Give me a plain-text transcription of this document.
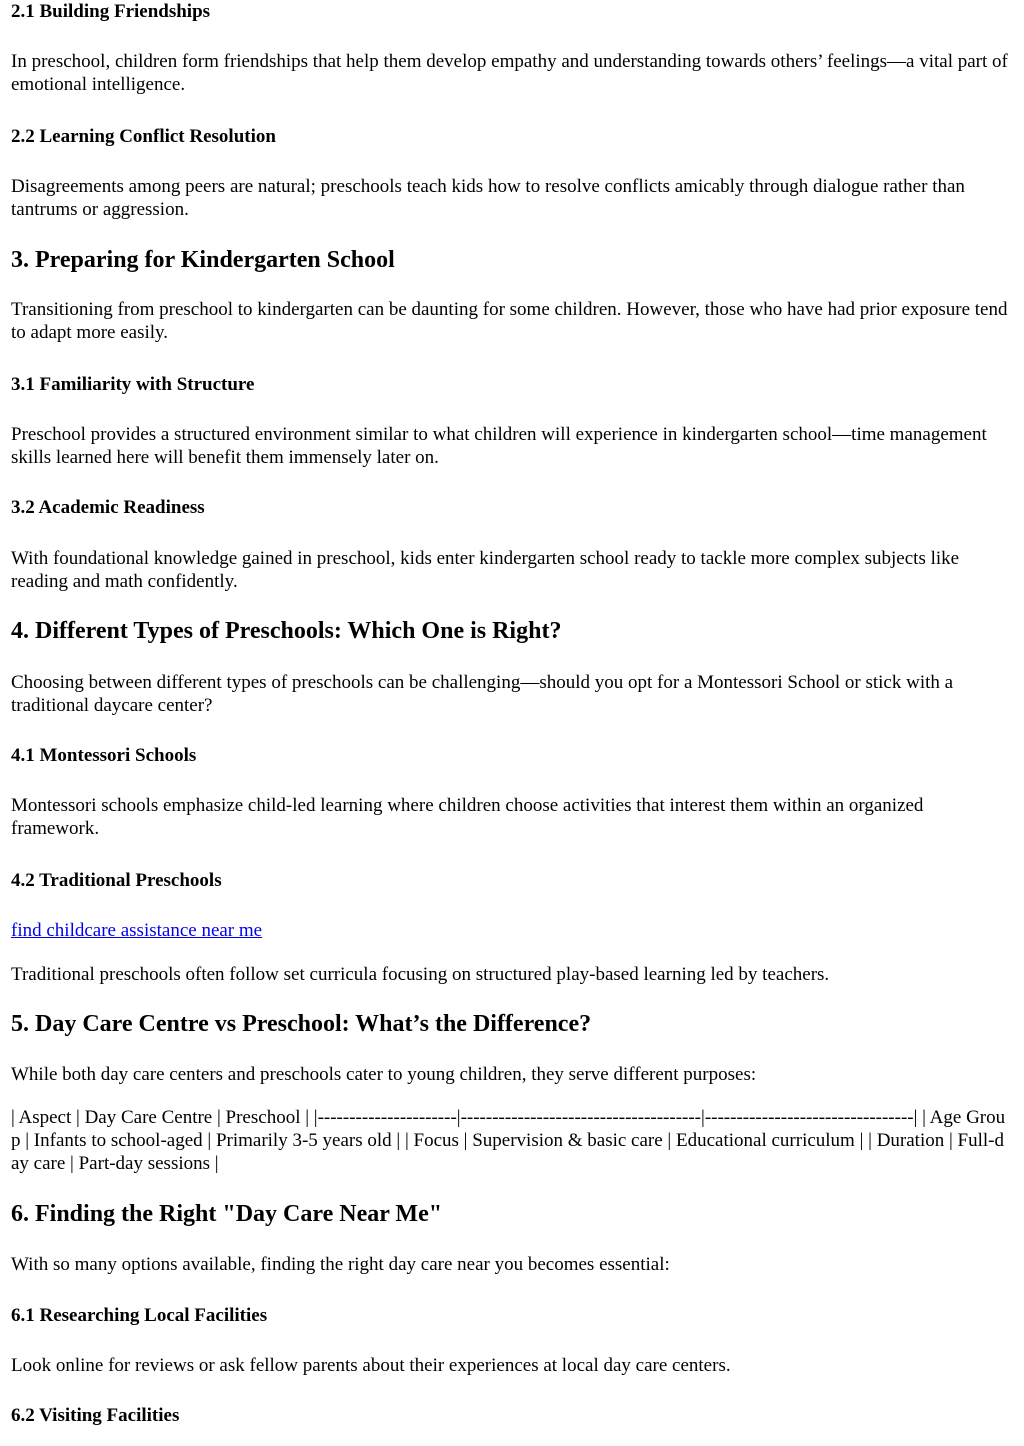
2.1 Building Friendships

In preschool, children form friendships that help them develop empathy and understanding towards others’ feelings—a vital part of emotional intelligence.

2.2 Learning Conflict Resolution

Disagreements among peers are natural; preschools teach kids how to resolve conflicts amicably through dialogue rather than tantrums or aggression.

3. Preparing for Kindergarten School

Transitioning from preschool to kindergarten can be daunting for some children. However, those who have had prior exposure tend to adapt more easily.

3.1 Familiarity with Structure

Preschool provides a structured environment similar to what children will experience in kindergarten school—time management skills learned here will benefit them immensely later on.

3.2 Academic Readiness

With foundational knowledge gained in preschool, kids enter kindergarten school ready to tackle more complex subjects like reading and math confidently.

4. Different Types of Preschools: Which One is Right?

Choosing between different types of preschools can be challenging—should you opt for a Montessori School or stick with a traditional daycare center?

4.1 Montessori Schools

Montessori schools emphasize child-led learning where children choose activities that interest them within an organized framework.

4.2 Traditional Preschools

find childcare assistance near me

Traditional preschools often follow set curricula focusing on structured play-based learning led by teachers.

5. Day Care Centre vs Preschool: What’s the Difference?

While both day care centers and preschools cater to young children, they serve different purposes:

| Aspect | Day Care Centre | Preschool | |----------------------|--------------------------------------|---------------------------------| | Age Group | Infants to school-aged | Primarily 3-5 years old | | Focus | Supervision & basic care | Educational curriculum | | Duration | Full-day care | Part-day sessions |

6. Finding the Right "Day Care Near Me"

With so many options available, finding the right day care near you becomes essential:

6.1 Researching Local Facilities

Look online for reviews or ask fellow parents about their experiences at local day care centers.

6.2 Visiting Facilities
